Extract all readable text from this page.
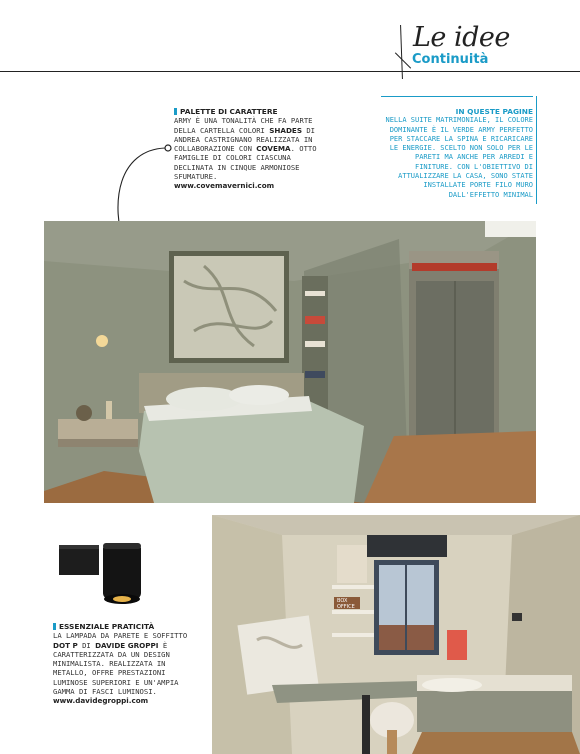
Le idee
Continuità
PALETTE DI CARATTERE
ARMY È UNA TONALITÀ CHE FA PARTE DELLA CARTELLA COLORI SHADES DI ANDREA CASTRIGNANO REALIZZATA IN COLLABORAZIONE CON COVEMA. OTTO FAMIGLIE DI COLORI CIASCUNA DECLINATA IN CINQUE ARMONIOSE SFUMATURE.
www.covemavernici.com
IN QUESTE PAGINE
NELLA SUITE MATRIMONIALE, IL COLORE DOMINANTE È IL VERDE ARMY PERFETTO PER STACCARE LA SPINA E RICARICARE LE ENERGIE. SCELTO NON SOLO PER LE PARETI MA ANCHE PER ARREDI E FINITURE. CON L'OBIETTIVO DI ATTUALIZZARE LA CASA, SONO STATE INSTALLATE PORTE FILO MURO DALL'EFFETTO MINIMAL
ESSENZIALE PRATICITÀ
LA LAMPADA DA PARETE E SOFFITTO DOT P DI DAVIDE GROPPI È CARATTERIZZATA DA UN DESIGN MINIMALISTA. REALIZZATA IN METALLO, OFFRE PRESTAZIONI LUMINOSE SUPERIORI E UN'AMPIA GAMMA DI FASCI LUMINOSI.
www.davidegroppi.com
BOX
OFFICE
